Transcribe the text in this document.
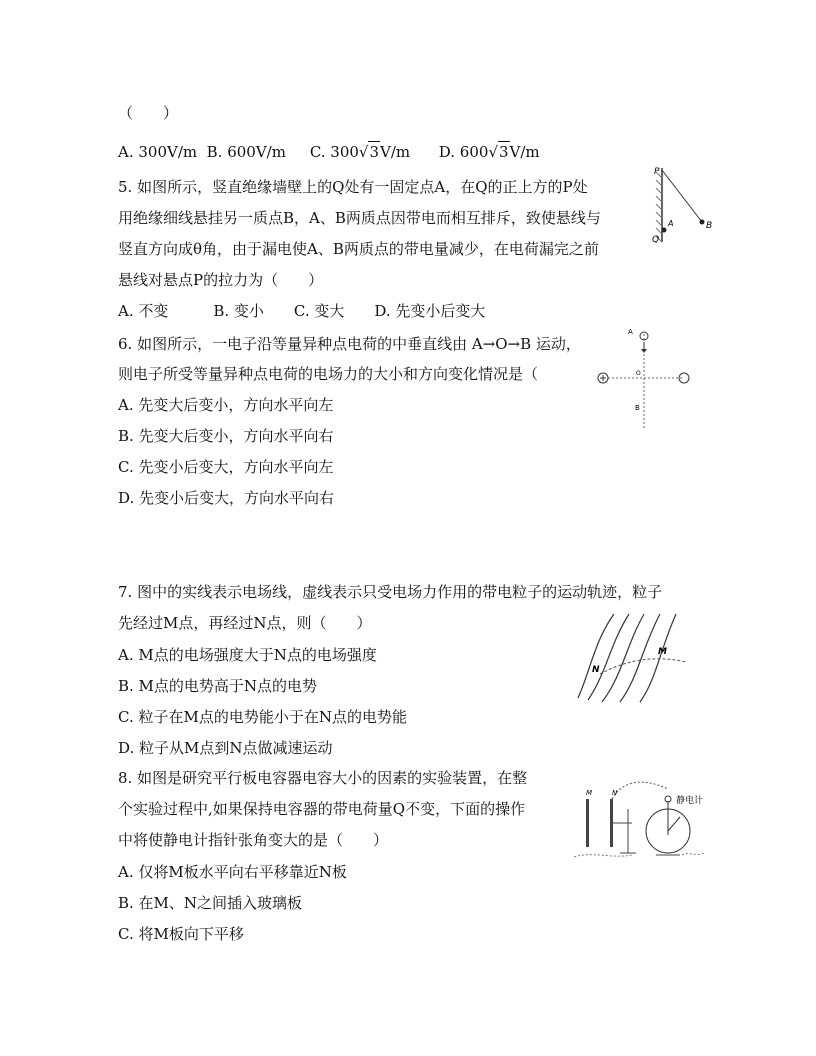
（　　）
A. 300V/m B. 600V/m C. 300√3V/m D. 600√3V/m
5. 如图所示，竖直绝缘墙壁上的Q处有一固定点A，在Q的正上方的P处
用绝缘细线悬挂另一质点B，A、B两质点因带电而相互排斥，致使悬线与
竖直方向成θ角，由于漏电使A、B两质点的带电量减少，在电荷漏完之前
悬线对悬点P的拉力为（　　）
A. 不变　　　B. 变小　　C. 变大　　D. 先变小后变大
P
A	B
Q
6. 如图所示，一电子沿等量异种点电荷的中垂直线由 A→O→B 运动，
则电子所受等量异种点电荷的电场力的大小和方向变化情况是（
A. 先变大后变小，方向水平向左
B. 先变大后变小，方向水平向右
C. 先变小后变大，方向水平向左
D. 先变小后变大，方向水平向右
A
O
B
7. 图中的实线表示电场线，虚线表示只受电场力作用的带电粒子的运动轨迹，粒子
先经过M点，再经过N点，则（　　）
A. M点的电场强度大于N点的电场强度
B. M点的电势高于N点的电势
C. 粒子在M点的电势能小于在N点的电势能
D. 粒子从M点到N点做减速运动
N
M
8. 如图是研究平行板电容器电容大小的因素的实验装置，在整
个实验过程中,如果保持电容器的带电荷量Q不变，下面的操作
中将使静电计指针张角变大的是（　　）
A. 仅将M板水平向右平移靠近N板
B. 在M、N之间插入玻璃板
C. 将M板向下平移
M	N
静电计
